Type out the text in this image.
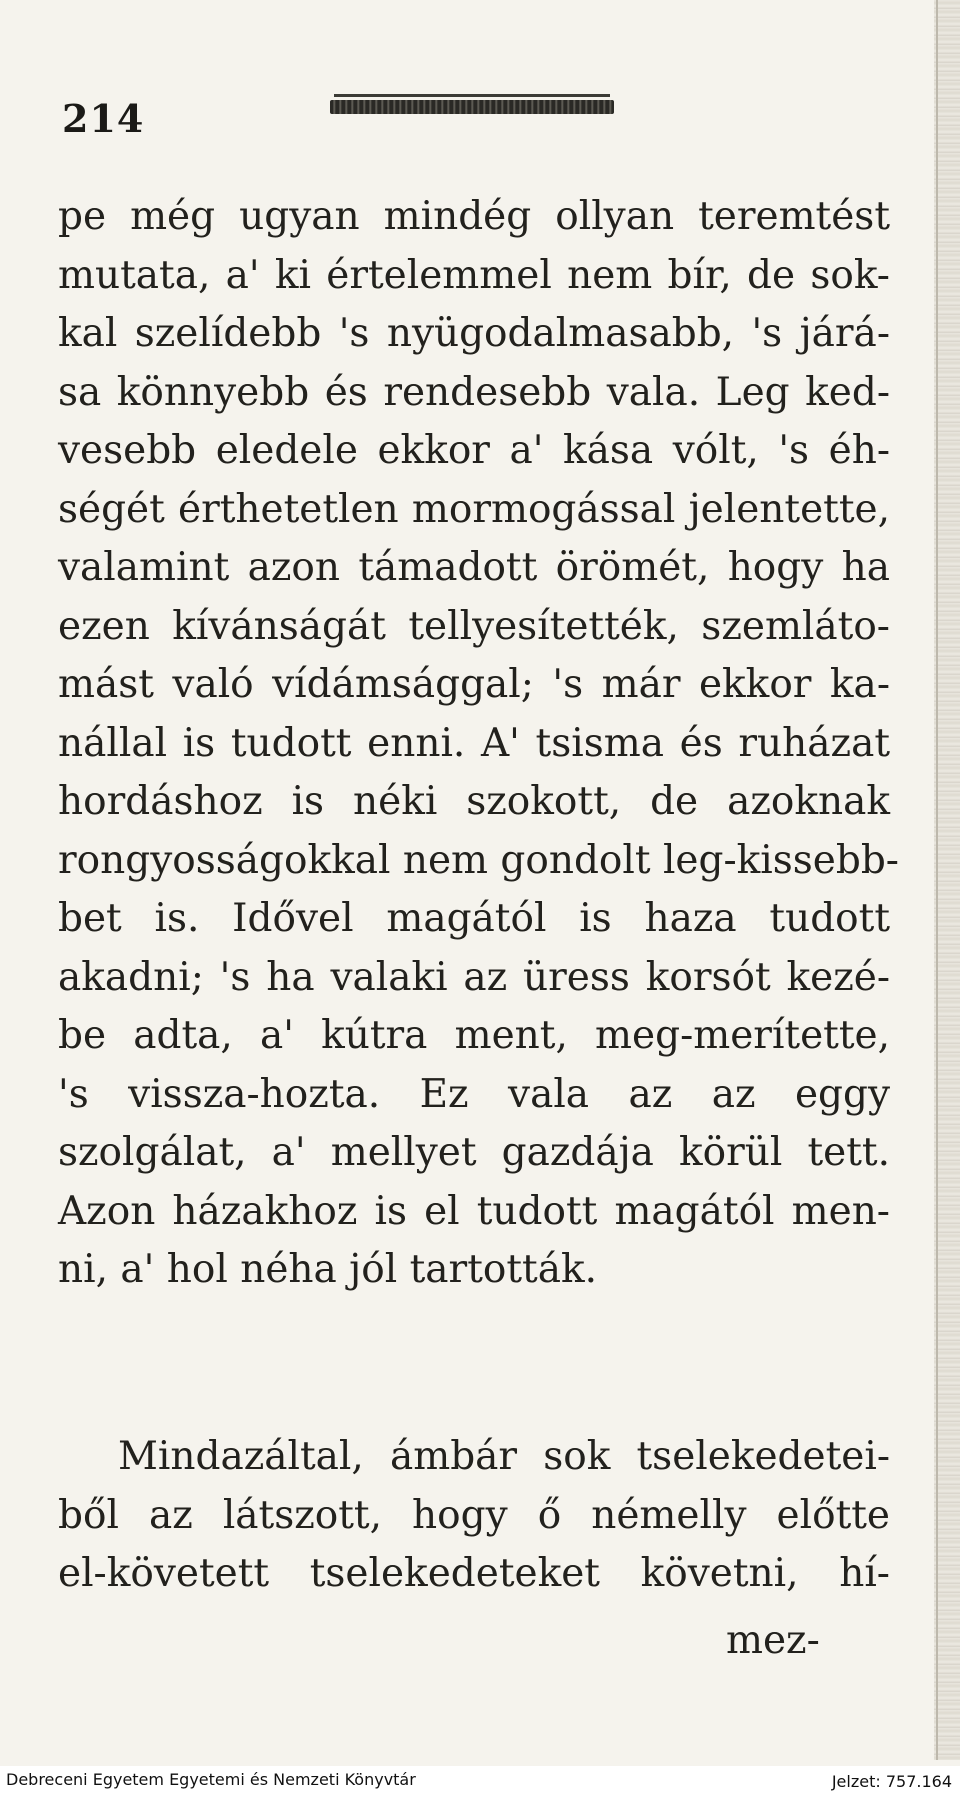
214
pe még ugyan mindég ollyan teremtést
mutata, a' ki értelemmel nem bír, de sok-
kal szelídebb 's nyügodalmasabb, 's járá-
sa könnyebb és rendesebb vala. Leg ked-
vesebb eledele ekkor a' kása vólt, 's éh-
ségét érthetetlen mormogással jelentette,
valamint azon támadott örömét, hogy ha
ezen kívánságát tellyesítették, szemláto-
mást való vídámsággal; 's már ekkor ka-
nállal is tudott enni. A' tsisma és ruházat
hordáshoz is néki szokott, de azoknak
rongyosságokkal nem gondolt leg-kissebb-
bet is. Idővel magától is haza tudott
akadni; 's ha valaki az üress korsót kezé-
be adta, a' kútra ment, meg-merítette,
's vissza-hozta. Ez vala az az eggy
szolgálat, a' mellyet gazdája körül tett.
Azon házakhoz is el tudott magától men-
ni, a' hol néha jól tartották.
Mindazáltal, ámbár sok tselekedetei-
ből az látszott, hogy ő némelly előtte
el-követett tselekedeteket követni, hí-
mez-
Debreceni Egyetem Egyetemi és Nemzeti Könyvtár	Jelzet: 757.164
